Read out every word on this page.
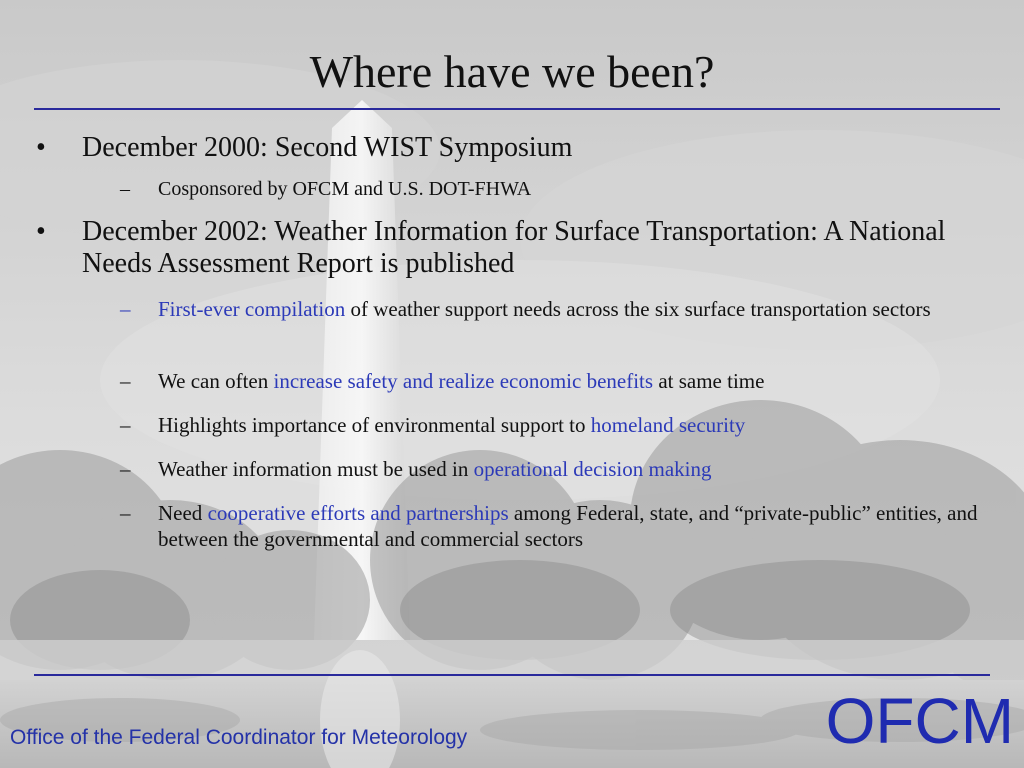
Where have we been?
• December 2000: Second WIST Symposium
– Cosponsored by OFCM and U.S. DOT-FHWA
• December 2002: Weather Information for Surface Transportation: A National Needs Assessment Report is published
– First-ever compilation of weather support needs across the six surface transportation sectors
– We can often increase safety and realize economic benefits at same time
– Highlights importance of environmental support to homeland security
– Weather information must be used in operational decision making
– Need cooperative efforts and partnerships among Federal, state, and “private-public” entities, and between the governmental and commercial sectors
Office of the Federal Coordinator for Meteorology	OFCM
